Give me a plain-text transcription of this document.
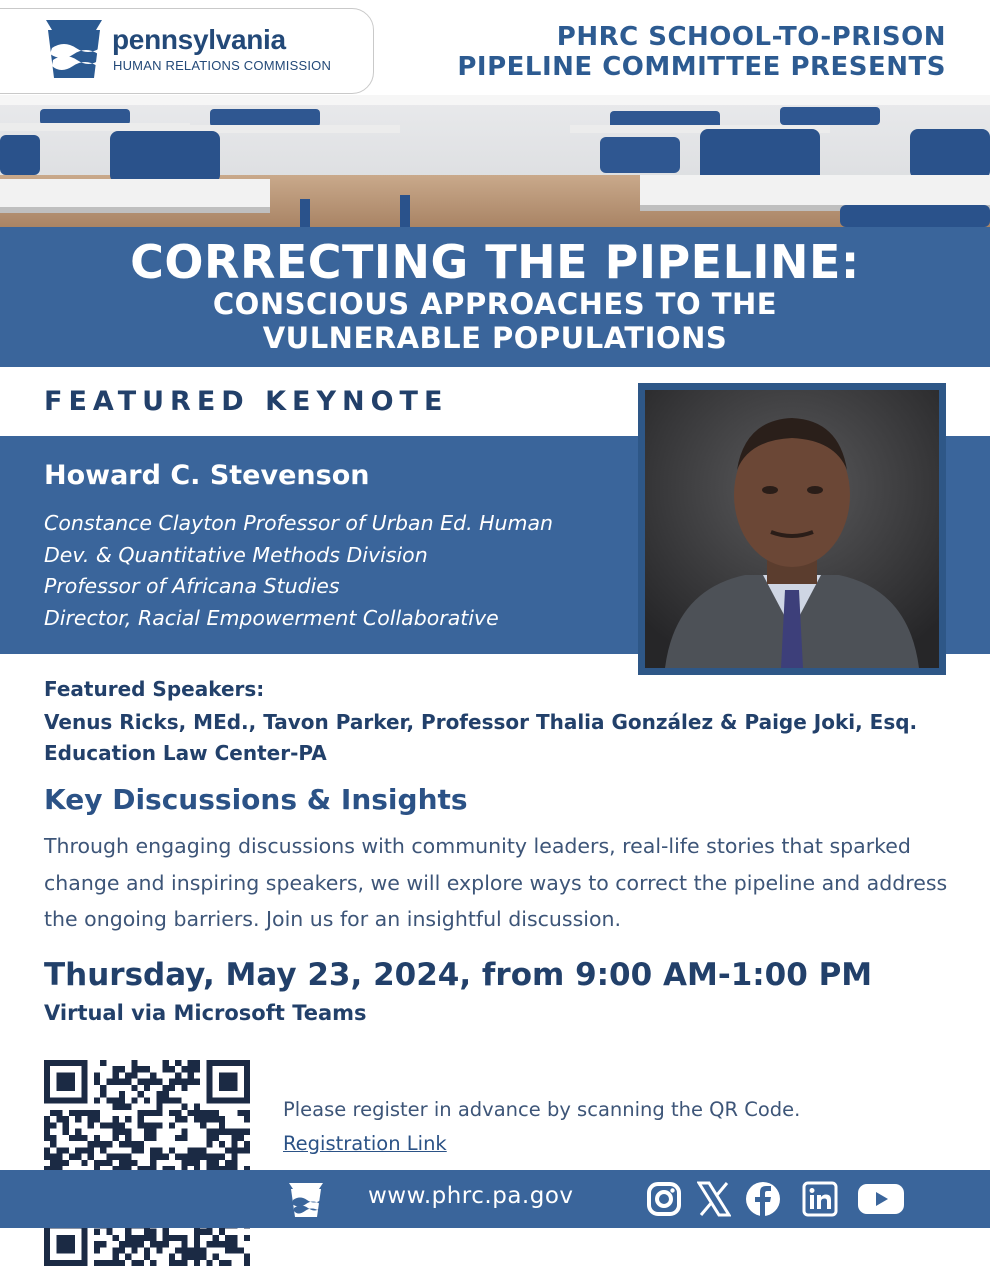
pennsylvania
HUMAN RELATIONS COMMISSION
PHRC SCHOOL-TO-PRISON
PIPELINE COMMITTEE PRESENTS
CORRECTING THE PIPELINE:
CONSCIOUS APPROACHES TO THE
VULNERABLE POPULATIONS
FEATURED KEYNOTE
Howard C. Stevenson
Constance Clayton Professor of Urban Ed. Human
Dev. & Quantitative Methods Division
Professor of Africana Studies
Director, Racial Empowerment Collaborative
Featured Speakers:
Venus Ricks, MEd., Tavon Parker, Professor Thalia González & Paige Joki, Esq. Education Law Center-PA
Key Discussions & Insights
Through engaging discussions with community leaders, real-life stories that sparked change and inspiring speakers, we will explore ways to correct the pipeline and address the ongoing barriers. Join us for an insightful discussion.
Thursday, May 23, 2024, from 9:00 AM-1:00 PM
Virtual via Microsoft Teams
Please register in advance by scanning the QR Code.
Registration Link
www.phrc.pa.gov
